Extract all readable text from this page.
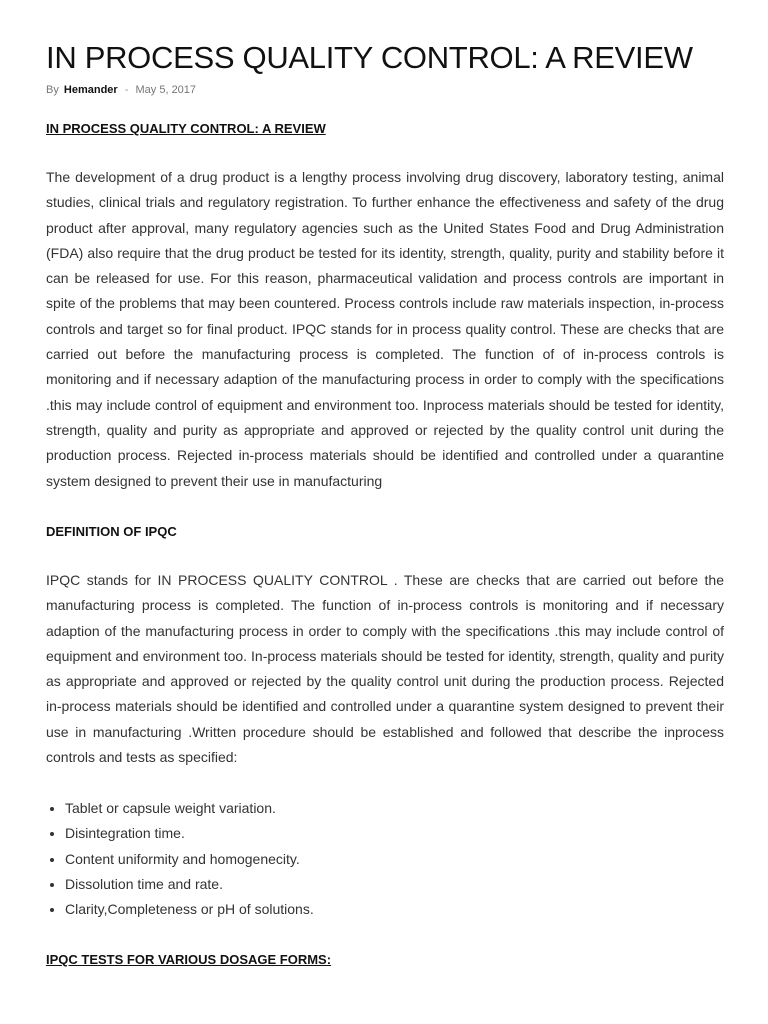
IN PROCESS QUALITY CONTROL: A REVIEW
By Hemander - May 5, 2017
IN PROCESS QUALITY CONTROL: A REVIEW

The development of a drug product is a lengthy process involving drug discovery, laboratory testing, animal studies, clinical trials and regulatory registration. To further enhance the effectiveness and safety of the drug product after approval, many regulatory agencies such as the United States Food and Drug Administration (FDA) also require that the drug product be tested for its identity, strength, quality, purity and stability before it can be released for use. For this reason, pharmaceutical validation and process controls are important in spite of the problems that may been countered. Process controls include raw materials inspection, in-process controls and target so for final product. IPQC stands for in process quality control. These are checks that are carried out before the manufacturing process is completed. The function of of in-process controls is monitoring and if necessary adaption of the manufacturing process in order to comply with the specifications .this may include control of equipment and environment too. Inprocess materials should be tested for identity, strength, quality and purity as appropriate and approved or rejected by the quality control unit during the production process. Rejected in-process materials should be identified and controlled under a quarantine system designed to prevent their use in manufacturing

DEFINITION OF IPQC

IPQC stands for IN PROCESS QUALITY CONTROL . These are checks that are carried out before the manufacturing process is completed. The function of in-process controls is monitoring and if necessary adaption of the manufacturing process in order to comply with the specifications .this may include control of equipment and environment too. In-process materials should be tested for identity, strength, quality and purity as appropriate and approved or rejected by the quality control unit during the production process. Rejected in-process materials should be identified and controlled under a quarantine system designed to prevent their use in manufacturing .Written procedure should be established and followed that describe the inprocess controls and tests as specified:

• Tablet or capsule weight variation.
• Disintegration time.
• Content uniformity and homogenecity.
• Dissolution time and rate.
• Clarity,Completeness or pH of solutions.
IPQC TESTS FOR VARIOUS DOSAGE FORMS:
